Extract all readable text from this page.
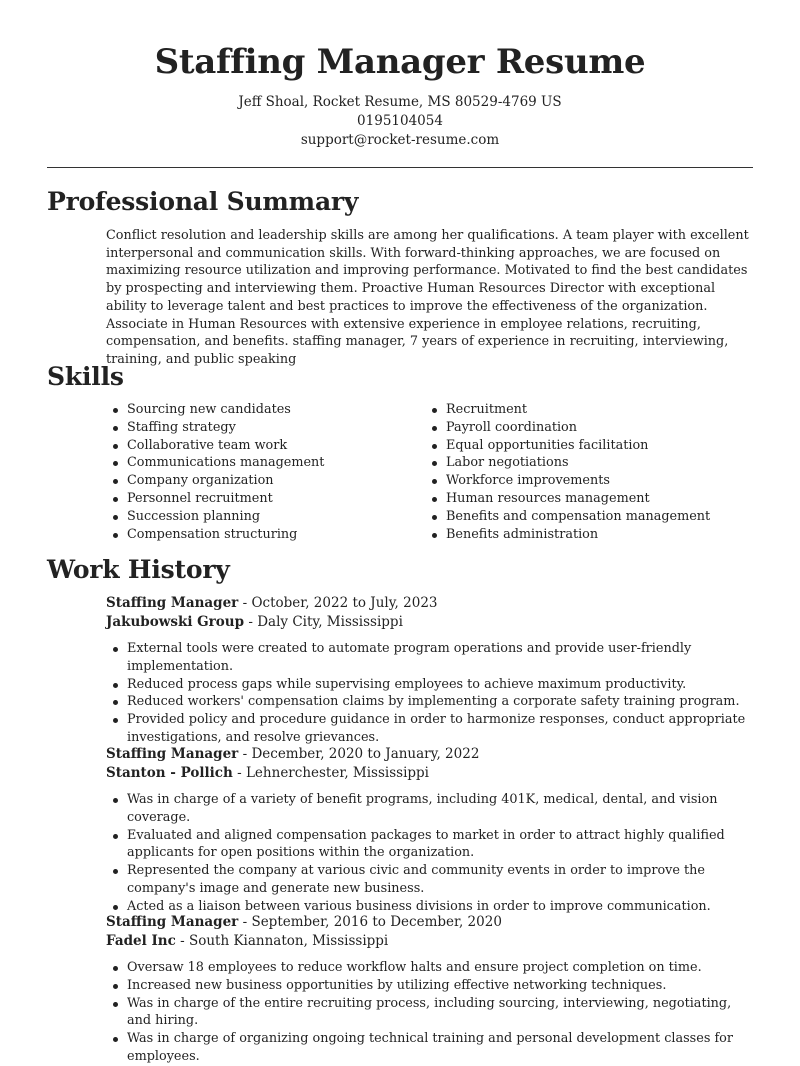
Staffing Manager Resume
Jeff Shoal, Rocket Resume, MS 80529-4769 US
0195104054
support@rocket-resume.com
Professional Summary

Conflict resolution and leadership skills are among her qualifications. A team player with excellent interpersonal and communication skills. With forward-thinking approaches, we are focused on maximizing resource utilization and improving performance. Motivated to find the best candidates by prospecting and interviewing them. Proactive Human Resources Director with exceptional ability to leverage talent and best practices to improve the effectiveness of the organization. Associate in Human Resources with extensive experience in employee relations, recruiting, compensation, and benefits. staffing manager, 7 years of experience in recruiting, interviewing, training, and public speaking

Skills
Sourcing new candidates
Staffing strategy
Collaborative team work
Communications management
Company organization
Personnel recruitment
Succession planning
Compensation structuring
Recruitment
Payroll coordination
Equal opportunities facilitation
Labor negotiations
Workforce improvements
Human resources management
Benefits and compensation management
Benefits administration
Work History
Staffing Manager - October, 2022 to July, 2023
Jakubowski Group - Daly City, Mississippi
External tools were created to automate program operations and provide user-friendly implementation.
Reduced process gaps while supervising employees to achieve maximum productivity.
Reduced workers' compensation claims by implementing a corporate safety training program.
Provided policy and procedure guidance in order to harmonize responses, conduct appropriate investigations, and resolve grievances.
Staffing Manager - December, 2020 to January, 2022
Stanton - Pollich - Lehnerchester, Mississippi
Was in charge of a variety of benefit programs, including 401K, medical, dental, and vision coverage.
Evaluated and aligned compensation packages to market in order to attract highly qualified applicants for open positions within the organization.
Represented the company at various civic and community events in order to improve the company's image and generate new business.
Acted as a liaison between various business divisions in order to improve communication.
Staffing Manager - September, 2016 to December, 2020
Fadel Inc - South Kiannaton, Mississippi
Oversaw 18 employees to reduce workflow halts and ensure project completion on time.
Increased new business opportunities by utilizing effective networking techniques.
Was in charge of the entire recruiting process, including sourcing, interviewing, negotiating, and hiring.
Was in charge of organizing ongoing technical training and personal development classes for employees.
